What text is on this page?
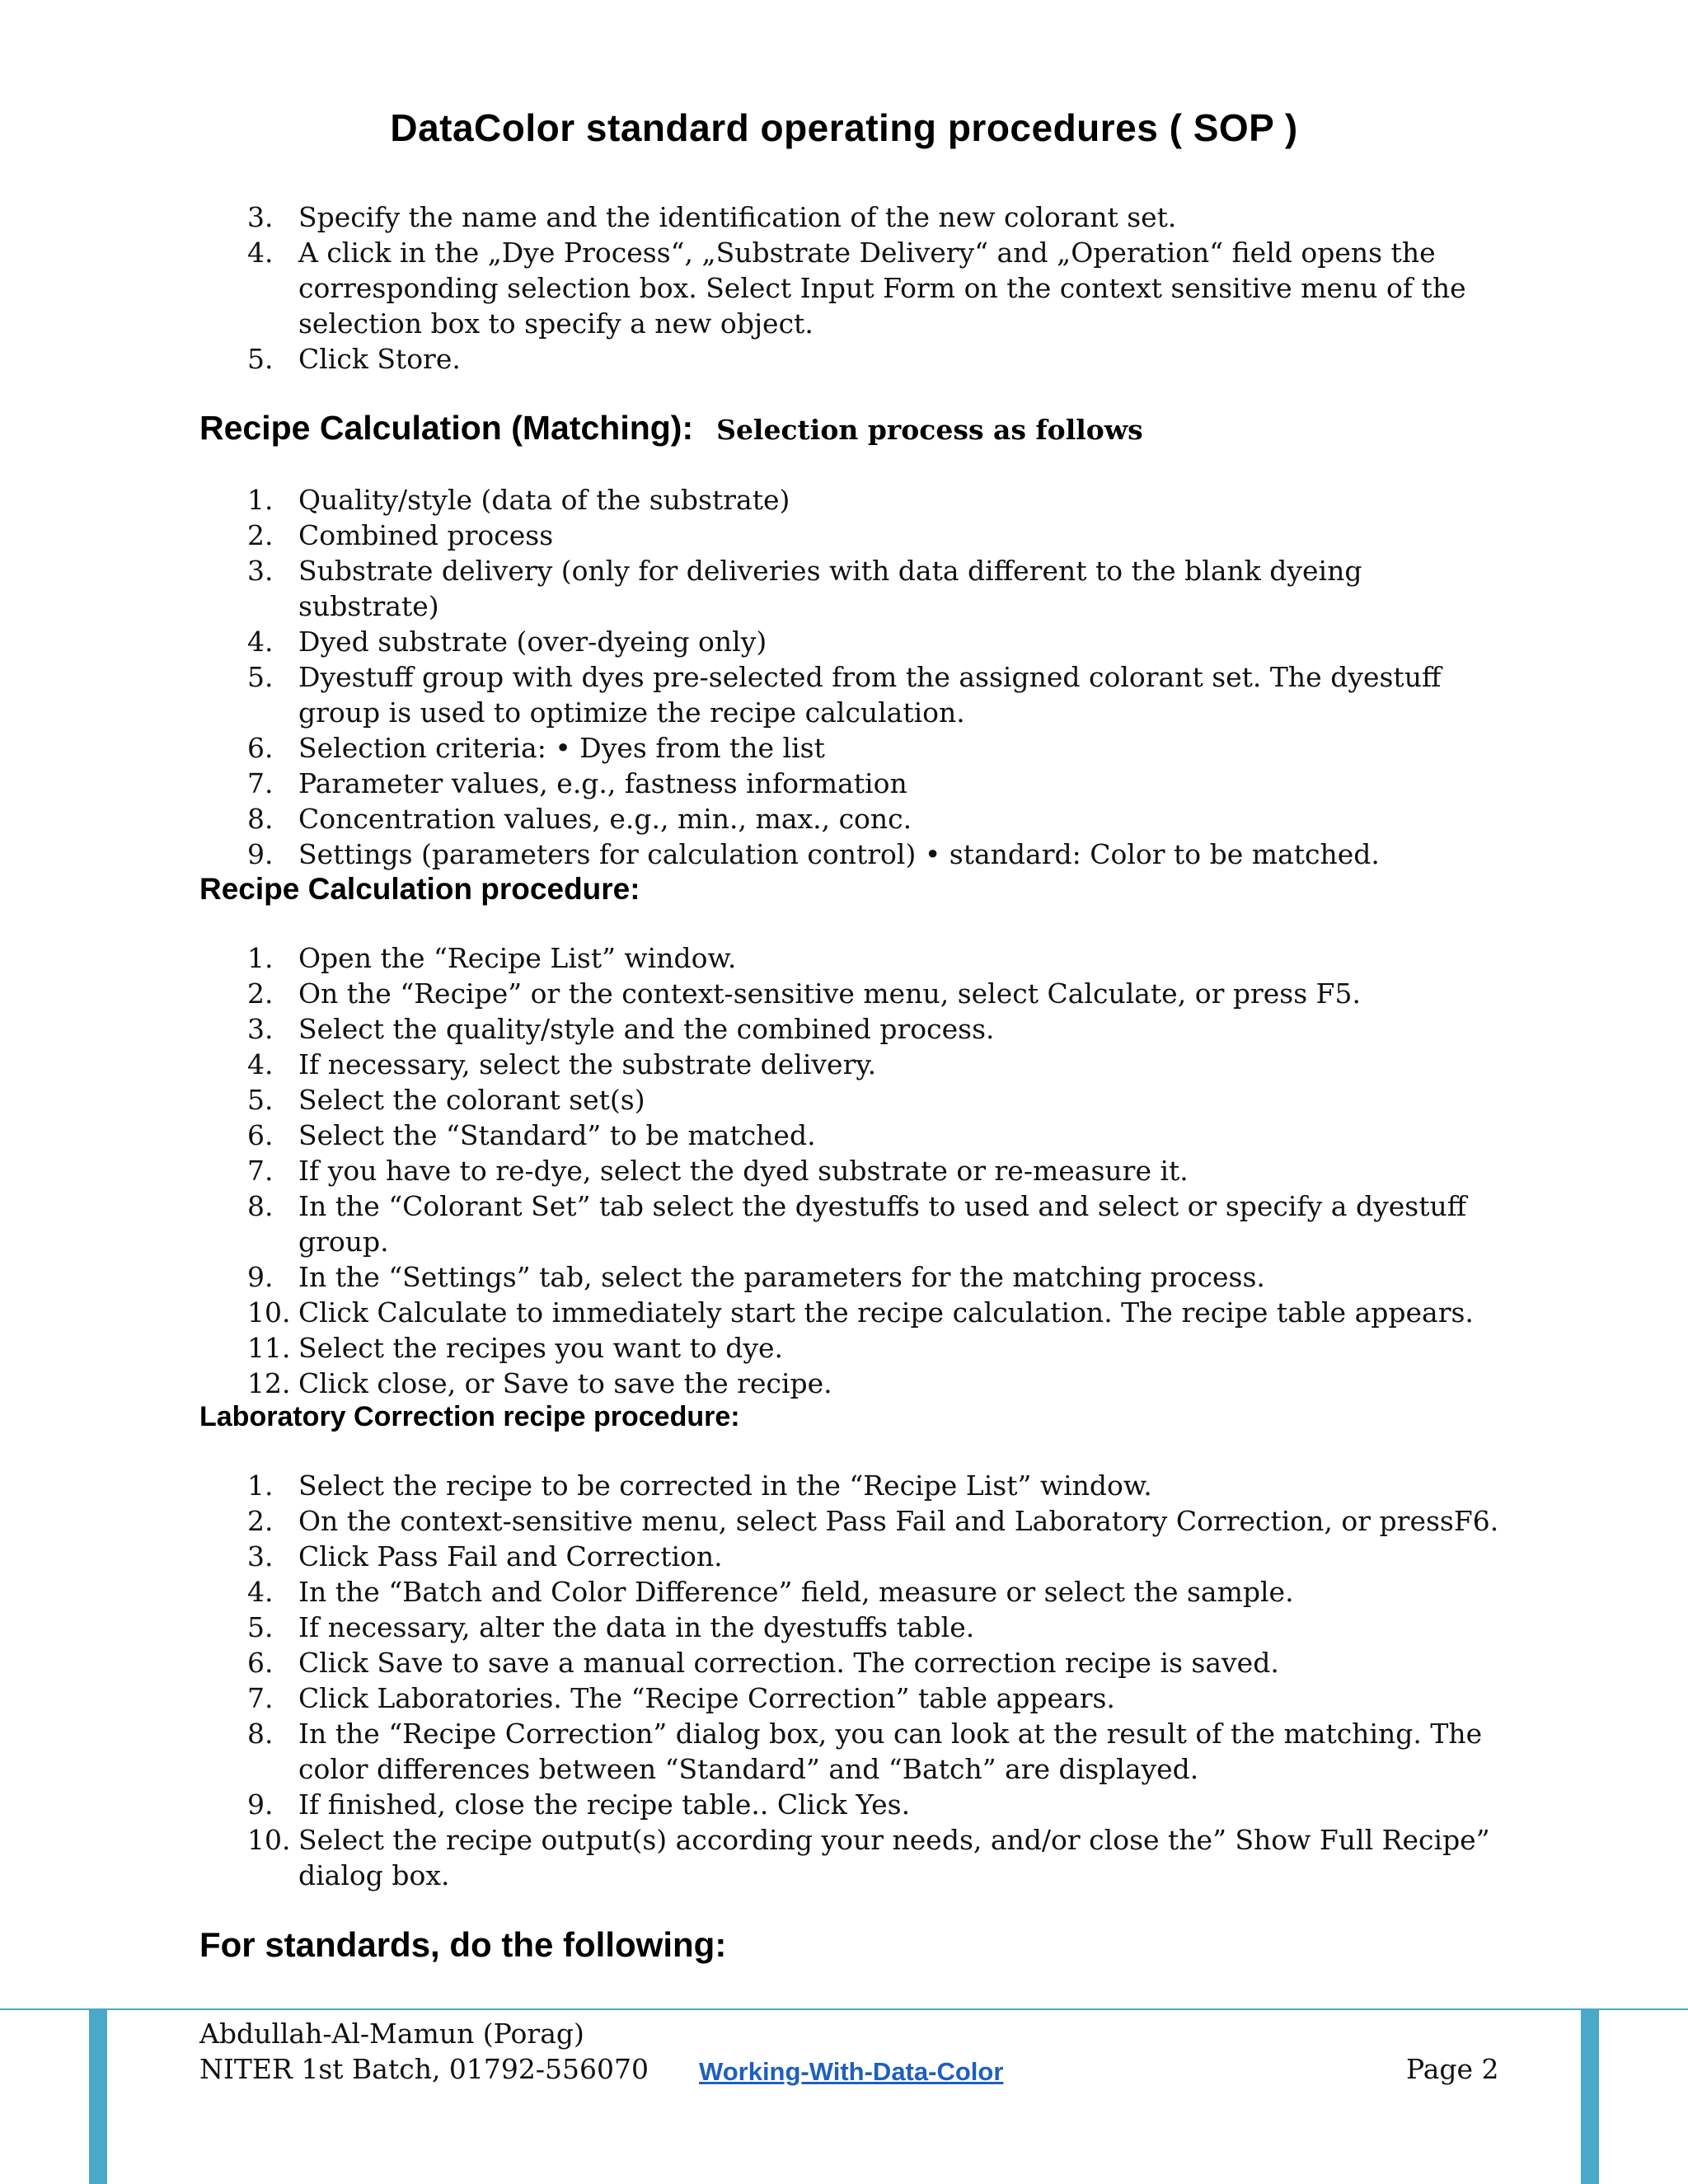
DataColor standard operating procedures ( SOP )
3. Specify the name and the identification of the new colorant set.
4. A click in the „Dye Process“, „Substrate Delivery“ and „Operation“ field opens the corresponding selection box. Select Input Form on the context sensitive menu of the selection box to specify a new object.
5. Click Store.
Recipe Calculation (Matching): Selection process as follows
1. Quality/style (data of the substrate)
2. Combined process
3. Substrate delivery (only for deliveries with data different to the blank dyeing substrate)
4. Dyed substrate (over-dyeing only)
5. Dyestuff group with dyes pre-selected from the assigned colorant set. The dyestuff group is used to optimize the recipe calculation.
6. Selection criteria: • Dyes from the list
7. Parameter values, e.g., fastness information
8. Concentration values, e.g., min., max., conc.
9. Settings (parameters for calculation control) • standard: Color to be matched.
Recipe Calculation procedure:
1. Open the “Recipe List” window.
2. On the “Recipe” or the context-sensitive menu, select Calculate, or press F5.
3. Select the quality/style and the combined process.
4. If necessary, select the substrate delivery.
5. Select the colorant set(s)
6. Select the “Standard” to be matched.
7. If you have to re-dye, select the dyed substrate or re-measure it.
8. In the “Colorant Set” tab select the dyestuffs to used and select or specify a dyestuff group.
9. In the “Settings” tab, select the parameters for the matching process.
10. Click Calculate to immediately start the recipe calculation. The recipe table appears.
11. Select the recipes you want to dye.
12. Click close, or Save to save the recipe.
Laboratory Correction recipe procedure:
1. Select the recipe to be corrected in the “Recipe List” window.
2. On the context-sensitive menu, select Pass Fail and Laboratory Correction, or pressF6.
3. Click Pass Fail and Correction.
4. In the “Batch and Color Difference” field, measure or select the sample.
5. If necessary, alter the data in the dyestuffs table.
6. Click Save to save a manual correction. The correction recipe is saved.
7. Click Laboratories. The “Recipe Correction” table appears.
8. In the “Recipe Correction” dialog box, you can look at the result of the matching. The color differences between “Standard” and “Batch” are displayed.
9. If finished, close the recipe table.. Click Yes.
10. Select the recipe output(s) according your needs, and/or close the” Show Full Recipe” dialog box.
For standards, do the following:
Abdullah-Al-Mamun (Porag)
NITER 1st Batch, 01792-556070 Working-With-Data-Color	Page 2
